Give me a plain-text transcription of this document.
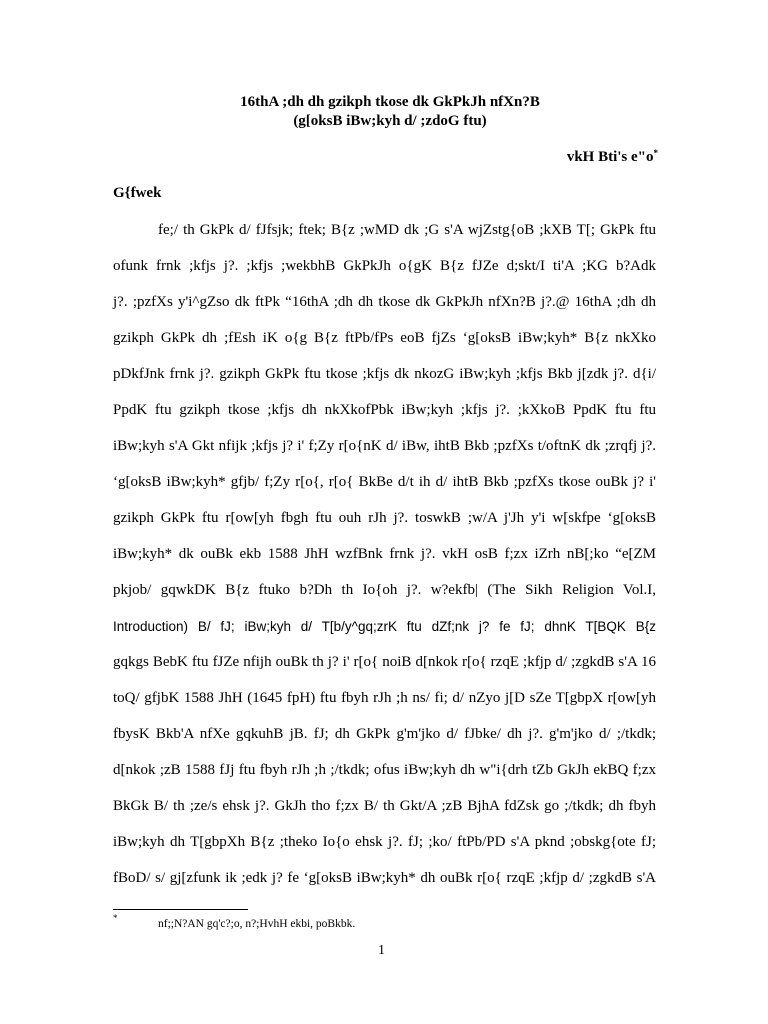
16thA ;dh dh gzikph tkose dk GkPkJh nfXn?B
(g[oksB iBw;kyh d/ ;zdoG ftu)
vkH Bti's e"o*
G{fwek
fe;/ th GkPk d/ fJfsjk; ftek; B{z ;wMD dk ;G s'A wjZstg{oB ;kXB T[; GkPk ftu
ofunk frnk ;kfjs j?. ;kfjs ;wekbhB GkPkJh o{gK B{z fJZe d;skt/I ti'A ;KG b?Adk
j?. ;pzfXs y'i^gZso dk ftPk “16thA ;dh dh tkose dk GkPkJh nfXn?B j?.@ 16thA ;dh dh
gzikph GkPk dh ;fEsh iK o{g B{z ftPb/fPs eoB fjZs ‘g[oksB iBw;kyh* B{z nkXko
pDkfJnk frnk j?. gzikph GkPk ftu tkose ;kfjs dk nkozG iBw;kyh ;kfjs Bkb j[zdk j?. d{i/
PpdK ftu gzikph tkose ;kfjs dh nkXkofPbk iBw;kyh ;kfjs j?. ;kXkoB PpdK ftu ftu
iBw;kyh s'A Gkt nfijk ;kfjs j? i' f;Zy r[o{nK d/ iBw, ihtB Bkb ;pzfXs t/oftnK dk ;zrqfj j?.
‘g[oksB iBw;kyh* gfjb/ f;Zy r[o{, r[o{ BkBe d/t ih d/ ihtB Bkb ;pzfXs tkose ouBk j? i'
gzikph GkPk ftu r[ow[yh fbgh ftu ouh rJh j?. toswkB ;w/A j'Jh y'i w[skfpe ‘g[oksB
iBw;kyh* dk ouBk ekb 1588 JhH wzfBnk frnk j?. vkH osB f;zx iZrh nB[;ko “e[ZM
pkjob/ gqwkDK B{z ftuko b?Dh th Io{oh j?. w?ekfb| (The Sikh Religion Vol.I,
Introduction) B/ fJ; iBw;kyh d/ T[b/y^gq;zrK ftu dZf;nk j? fe fJ; dhnK T[BQK B{z
gqkgs BebK ftu fJZe nfijh ouBk th j? i' r[o{ noiB d[nkok r[o{ rzqE ;kfjp d/ ;zgkdB s'A 16
toQ/ gfjbK 1588 JhH (1645 fpH) ftu fbyh rJh ;h ns/ fi; d/ nZyo j[D sZe T[gbpX r[ow[yh
fbysK Bkb'A nfXe gqkuhB jB. fJ; dh GkPk g'm'jko d/ fJbke/ dh j?. g'm'jko d/ ;/tkdk;
d[nkok ;zB 1588 fJj ftu fbyh rJh ;h ;/tkdk; ofus iBw;kyh dh w"i{drh tZb GkJh ekBQ f;zx
BkGk B/ th ;ze/s ehsk j?. GkJh tho f;zx B/ th Gkt/A ;zB BjhA fdZsk go ;/tkdk; dh fbyh
iBw;kyh dh T[gbpXh B{z ;theko Io{o ehsk j?. fJ; ;ko/ ftPb/PD s'A pknd ;obskg{ote fJ;
fBoD/ s/ gj[zfunk ik ;edk j? fe ‘g[oksB iBw;kyh* dh ouBk r[o{ rzqE ;kfjp d/ ;zgkdB s'A
*	nf;;N?AN gq'c?;o, n?;HvhH ekbi, poBkbk.
1
